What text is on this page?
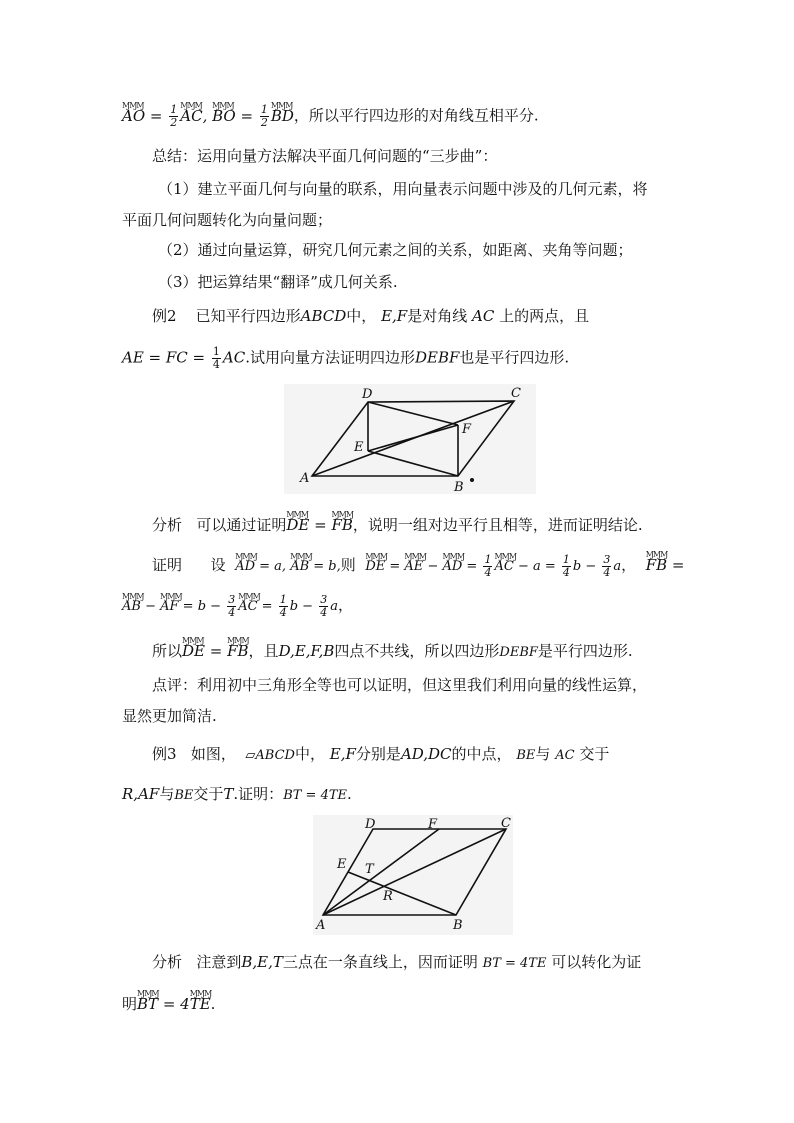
ⱮⱮⱮ AO = $\frac{1}{2}$ ⱮⱮⱮ AC, ⱮⱮⱮ BO = $\frac{1}{2}$ ⱮⱮⱮ BD，所以平行四边形的对角线互相平分.
总结：运用向量方法解决平面几何问题的“三步曲”：
（1）建立平面几何与向量的联系，用向量表示问题中涉及的几何元素，将
平面几何问题转化为向量问题；
（2）通过向量运算，研究几何元素之间的关系，如距离、夹角等问题；
（3）把运算结果“翻译”成几何关系.
例2 已知平行四边形ABCD中， E,F是对角线 AC 上的两点，且
AE = FC = $\frac{1}{4}$ AC.试用向量方法证明四边形DEBF也是平行四边形.
A
B
C
D
E
F
分析 可以通过证明ⱮⱮⱮ DE = ⱮⱮⱮ FB，说明一组对边平行且相等，进而证明结论.
证明 设 ⱮⱮⱮ AD = a, ⱮⱮⱮ AB = b,则 ⱮⱮⱮ DE = ⱮⱮⱮ AE − ⱮⱮⱮ AD = $\frac{1}{4}$ ⱮⱮⱮ AC − $a = \frac{1}{4}$ $b - \frac{3}{4}$ a，  ⱮⱮⱮ FB =
ⱮⱮⱮ AB − ⱮⱮⱮ AF = $b - \frac{3}{4}$ ⱮⱮⱮ AC = $\frac{1}{4}$ $b - \frac{3}{4}$ a，
所以ⱮⱮⱮ DE = ⱮⱮⱮ FB，且D,E,F,B四点不共线，所以四边形DEBF是平行四边形.
点评：利用初中三角形全等也可以证明，但这里我们利用向量的线性运算，
显然更加简洁.
例3 如图， ▱ABCD中， E,F分别是AD,DC的中点， BE与 AC 交于
R,AF与BE交于T.证明：BT = 4TE.
A	B
C
D
E
F
T
R
分析 注意到B,E,T三点在一条直线上，因而证明 BT = 4TE 可以转化为证
明ⱮⱮⱮ BT = 4ⱮⱮⱮ TE.
